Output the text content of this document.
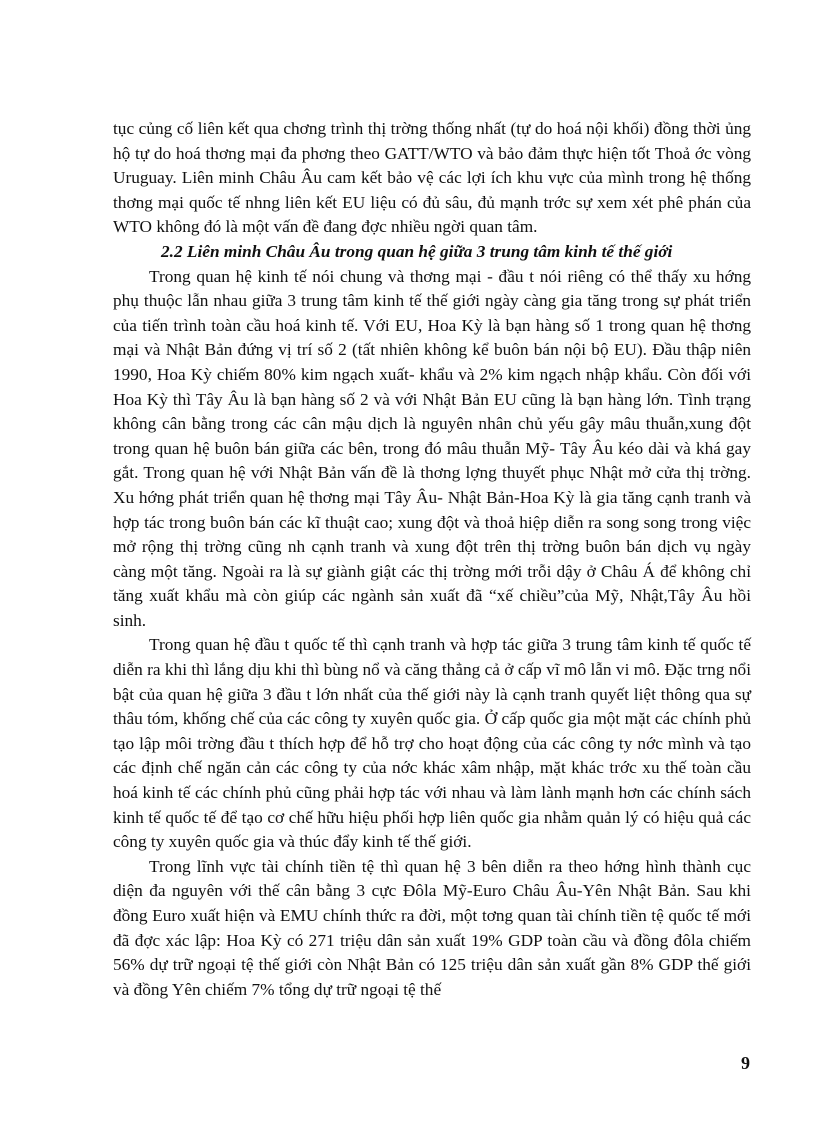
tục củng cố liên kết qua chơng trình thị trờng thống nhất (tự do hoá nội khối) đồng thời ủng hộ tự do hoá thơng mại đa phơng theo GATT/WTO và bảo đảm thực hiện tốt Thoả ớc vòng Uruguay. Liên minh Châu Âu cam kết bảo vệ các lợi ích khu vực của mình trong hệ thống thơng mại quốc tế nhng liên kết EU liệu có đủ sâu, đủ mạnh trớc sự xem xét phê phán của WTO không đó là một vấn đề đang đợc nhiều ngời quan tâm.

2.2 Liên minh Châu Âu trong quan hệ giữa 3 trung tâm kinh tế thế giới

Trong quan hệ kinh tế nói chung và thơng mại - đầu t nói riêng có thể thấy xu hớng phụ thuộc lẫn nhau giữa 3 trung tâm kinh tế thế giới ngày càng gia tăng trong sự phát triển của tiến trình toàn cầu hoá kinh tế. Với EU, Hoa Kỳ là bạn hàng số 1 trong quan hệ thơng mại và Nhật Bản đứng vị trí số 2 (tất nhiên không kể buôn bán nội bộ EU). Đầu thập niên 1990, Hoa Kỳ chiếm 80% kim ngạch xuất- khẩu và 2% kim ngạch nhập khẩu. Còn đối với Hoa Kỳ thì Tây Âu là bạn hàng số 2 và với Nhật Bản EU cũng là bạn hàng lớn. Tình trạng không cân bằng trong các cân mậu dịch là nguyên nhân chủ yếu gây mâu thuẫn,xung đột trong quan hệ buôn bán giữa các bên, trong đó mâu thuẫn Mỹ- Tây Âu kéo dài và khá gay gắt. Trong quan hệ với Nhật Bản vấn đề là thơng lợng thuyết phục Nhật mở cửa thị trờng. Xu hớng phát triển quan hệ thơng mại Tây Âu- Nhật Bản-Hoa Kỳ là gia tăng cạnh tranh và hợp tác trong buôn bán các kĩ thuật cao; xung đột và thoả hiệp diễn ra song song trong việc mở rộng thị trờng cũng nh cạnh tranh và xung đột trên thị trờng buôn bán dịch vụ ngày càng một tăng. Ngoài ra là sự giành giật các thị trờng mới trỗi dậy ở Châu Á để không chỉ tăng xuất khẩu mà còn giúp các ngành sản xuất đã “xế chiều”của Mỹ, Nhật,Tây Âu hồi sinh.

Trong quan hệ đầu t quốc tế thì cạnh tranh và hợp tác giữa 3 trung tâm kinh tế quốc tế diễn ra khi thì lắng dịu khi thì bùng nổ và căng thẳng cả ở cấp vĩ mô lẫn vi mô. Đặc trng nổi bật của quan hệ giữa 3 đầu t lớn nhất của thế giới này là cạnh tranh quyết liệt thông qua sự thâu tóm, khống chế của các công ty xuyên quốc gia. Ở cấp quốc gia một mặt các chính phủ tạo lập môi trờng đầu t thích hợp để hỗ trợ cho hoạt động của các công ty nớc mình và tạo các định chế ngăn cản các công ty của nớc khác xâm nhập, mặt khác trớc xu thế toàn cầu hoá kinh tế các chính phủ cũng phải hợp tác với nhau và làm lành mạnh hơn các chính sách kinh tế quốc tế để tạo cơ chế hữu hiệu phối hợp liên quốc gia nhằm quản lý có hiệu quả các công ty xuyên quốc gia và thúc đẩy kinh tế thế giới.

Trong lĩnh vực tài chính tiền tệ thì quan hệ 3 bên diễn ra theo hớng hình thành cục diện đa nguyên với thế cân bằng 3 cực Đôla Mỹ-Euro Châu Âu-Yên Nhật Bản. Sau khi đồng Euro xuất hiện và EMU chính thức ra đời, một tơng quan tài chính tiền tệ quốc tế mới đã đợc xác lập: Hoa Kỳ có 271 triệu dân sản xuất 19% GDP toàn cầu và đồng đôla chiếm 56% dự trữ ngoại tệ thế giới còn Nhật Bản có 125 triệu dân sản xuất gần 8% GDP thế giới và đồng Yên chiếm 7% tổng dự trữ ngoại tệ thế

9
